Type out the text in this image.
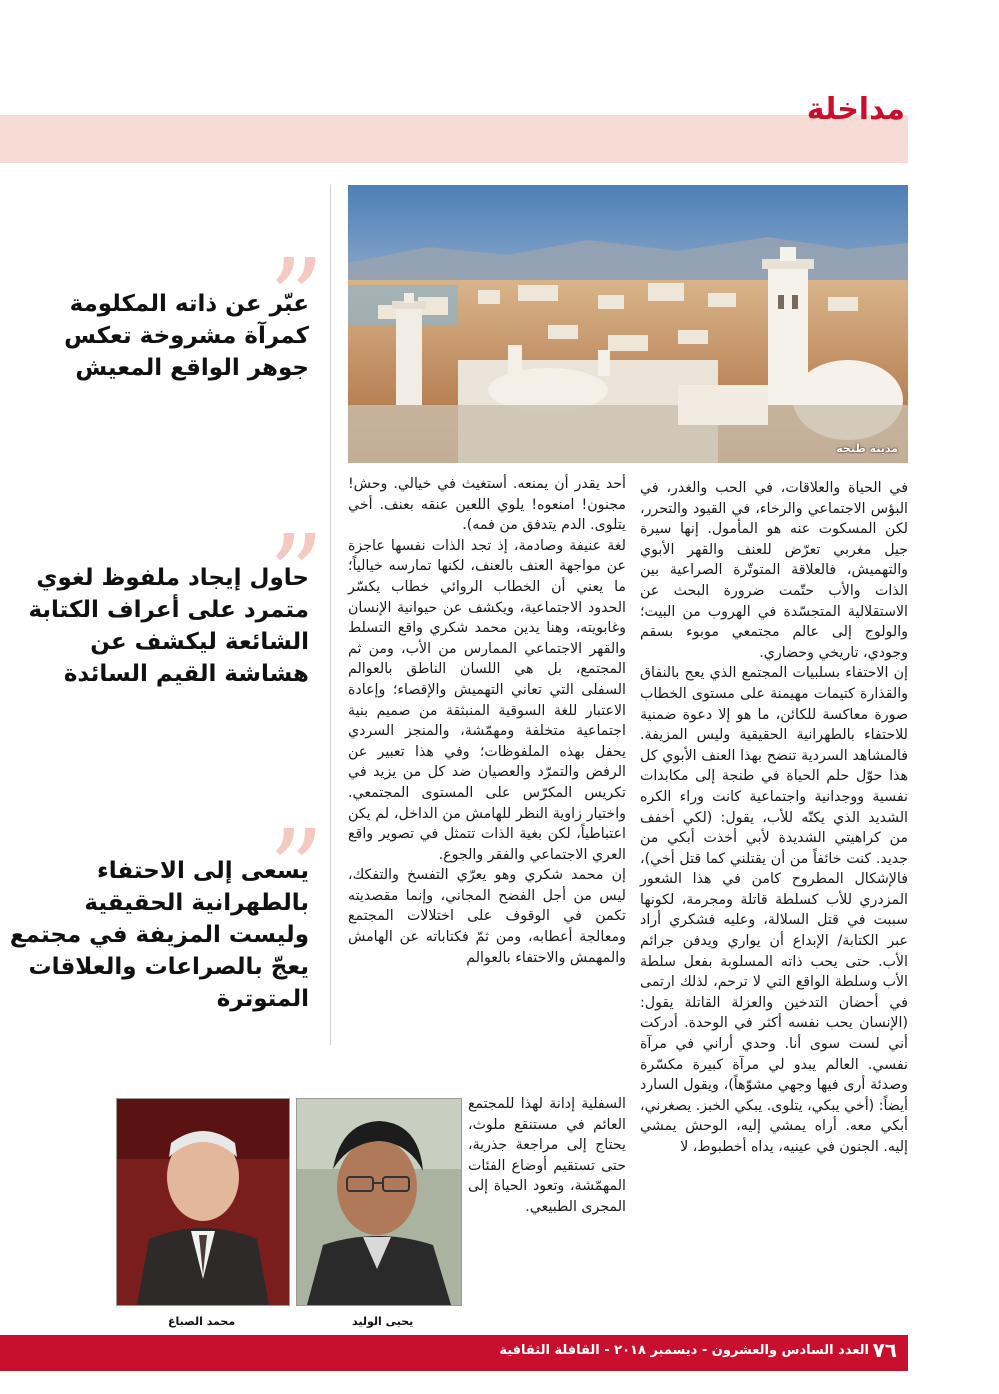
مداخلة
مدينة طنجة
”
عبّر عن ذاته المكلومة كمرآة مشروخة تعكس جوهر الواقع المعيش
”
حاول إيجاد ملفوظ لغوي متمرد على أعراف الكتابة الشائعة ليكشف عن هشاشة القيم السائدة
”
يسعى إلى الاحتفاء بالطهرانية الحقيقية وليست المزيفة في مجتمع يعجّ بالصراعات والعلاقات المتوترة
في الحياة والعلاقات، في الحب والغدر، في البؤس الاجتماعي والرخاء، في القيود والتحرر، لكن المسكوت عنه هو المأمول. إنها سيرة جيل مغربي تعرّض للعنف والقهر الأبوي والتهميش، فالعلاقة المتوتّرة الصراعية بين الذات والأب حتّمت ضرورة البحث عن الاستقلالية المتجسّدة في الهروب من البيت؛ والولوج إلى عالم مجتمعي موبوء بسقم وجودي، تاريخي وحضاري.
إن الاحتفاء بسلبيات المجتمع الذي يعج بالنفاق والقذارة كتيمات مهيمنة على مستوى الخطاب صورة معاكسة للكائن، ما هو إلا دعوة ضمنية للاحتفاء بالطهرانية الحقيقية وليس المزيفة. فالمشاهد السردية تنضح بهذا العنف الأبوي كل هذا حوّل حلم الحياة في طنجة إلى مكابدات نفسية ووجدانية واجتماعية كانت وراء الكره الشديد الذي يكنّه للأب، يقول: (لكي أخفف من كراهيتي الشديدة لأبي أخذت أبكي من جديد. كنت خائفاً من أن يقتلني كما قتل أخي)، فالإشكال المطروح كامن في هذا الشعور المزدري للأب كسلطة قاتلة ومجرمة، لكونها سببت في قتل السلالة، وعليه فشكري أراد عبر الكتابة/ الإبداع أن يواري ويدفن جرائم الأب. حتى يحب ذاته المسلوبة بفعل سلطة الأب وسلطة الواقع التي لا ترحم، لذلك ارتمى في أحضان التدخين والعزلة القاتلة يقول: (الإنسان يحب نفسه أكثر في الوحدة. أدركت أني لست سوى أنا. وحدي أراني في مرآة نفسي. العالم يبدو لي مرآة كبيرة مكسّرة وصدئة أرى فيها وجهي مشوّهاً)، ويقول السارد أيضاً: (أخي يبكي، يتلوى. يبكي الخبز. يصغرني، أبكي معه. أراه يمشي إليه، الوحش يمشي إليه. الجنون في عينيه، يداه أخطبوط، لا
أحد يقدر أن يمنعه. أستغيث في خيالي. وحش! مجنون! امنعوه! يلوي اللعين عنقه بعنف. أخي يتلوى. الدم يتدفق من فمه).
لغة عنيفة وصادمة، إذ تجد الذات نفسها عاجزة عن مواجهة العنف بالعنف، لكنها تمارسه خيالياً؛ ما يعني أن الخطاب الروائي خطاب يكسّر الحدود الاجتماعية، ويكشف عن حيوانية الإنسان وغابويته، وهنا يدين محمد شكري واقع التسلط والقهر الاجتماعي الممارس من الأب، ومن ثم المجتمع، بل هي اللسان الناطق بالعوالم السفلى التي تعاني التهميش والإقصاء؛ وإعادة الاعتبار للغة السوقية المنبثقة من صميم بنية اجتماعية متخلفة ومهمّشة، والمنجز السردي يحفل بهذه الملفوظات؛ وفي هذا تعبير عن الرفض والتمرّد والعصيان ضد كل من يزيد في تكريس المكرّس على المستوى المجتمعي. واختيار زاوية النظر للهامش من الداخل، لم يكن اعتباطياً، لكن بغية الذات تتمثل في تصوير واقع العري الاجتماعي والفقر والجوع.
إن محمد شكري وهو يعرّي التفسخ والتفكك، ليس من أجل الفضح المجاني، وإنما مقصديته تكمن في الوقوف على اختلالات المجتمع ومعالجة أعطابه، ومن ثمّ فكتاباته عن الهامش والمهمش والاحتفاء بالعوالم
السفلية إدانة لهذا للمجتمع العائم في مستنقع ملوث، يحتاج إلى مراجعة جذرية، حتى تستقيم أوضاع الفئات المهمّشة، وتعود الحياة إلى المجرى الطبيعي.
محمد الصباغ	يحيى الوليد
العدد السادس والعشرون - ديسمبر ٢٠١٨ - القافلة الثقافية ٧٦
